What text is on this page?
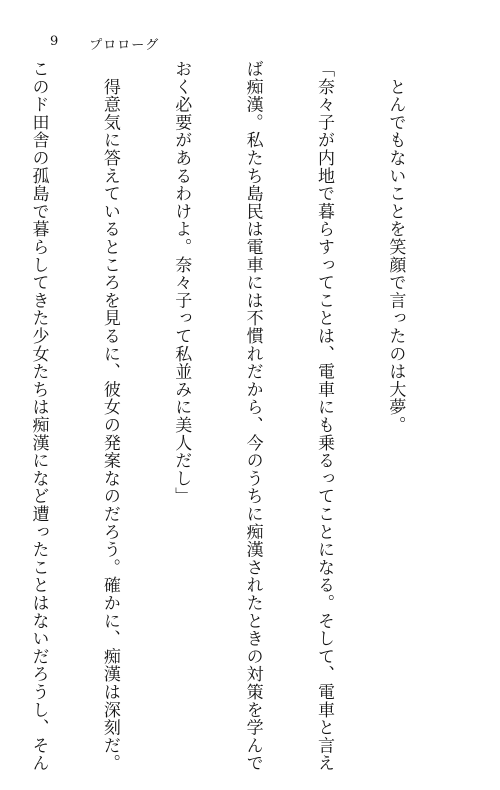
9 プロローグ

　とんでもないことを笑顔で言ったのは大夢。

「奈々子が内地で暮らすってことは、電車にも乗るってことになる。そして、電車と言え

ば痴漢。私たち島民は電車には不慣れだから、今のうちに痴漢されたときの対策を学んで

おく必要があるわけよ。奈々子って私並みに美人だし」

　得意気に答えているところを見るに、彼女の発案なのだろう。確かに、痴漢は深刻だ。

このド田舎の孤島で暮らしてきた少女たちは痴漢になど遭ったことはないだろうし、そん
